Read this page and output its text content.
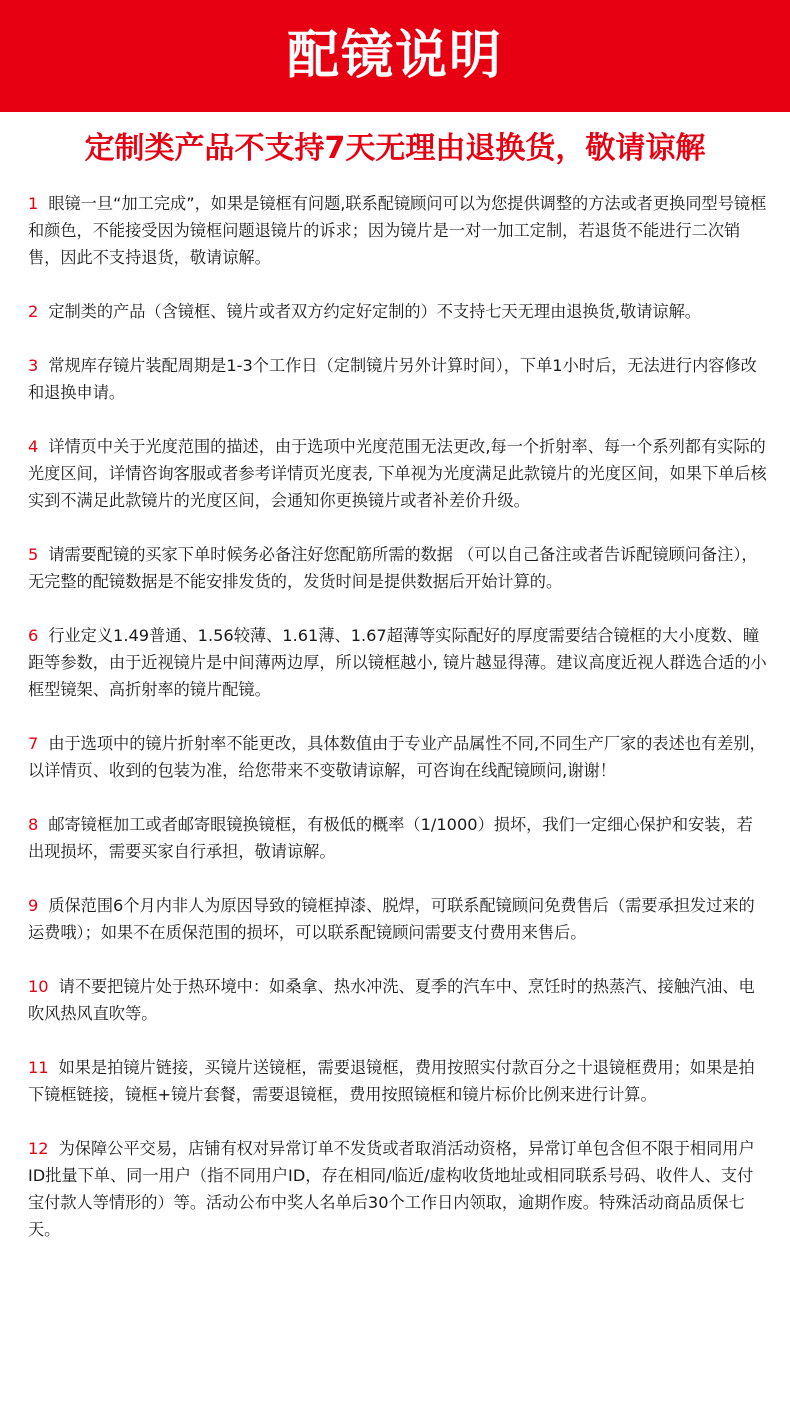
配镜说明
定制类产品不支持7天无理由退换货，敬请谅解
1 眼镜一旦“加工完成”，如果是镜框有问题,联系配镜顾问可以为您提供调整的方法或者更换同型号镜框和颜色，不能接受因为镜框问题退镜片的诉求；因为镜片是一对一加工定制，若退货不能进行二次销售，因此不支持退货，敬请谅解。
2 定制类的产品（含镜框、镜片或者双方约定好定制的）不支持七天无理由退换货,敬请谅解。
3 常规库存镜片装配周期是1-3个工作日（定制镜片另外计算时间），下单1小时后，无法进行内容修改和退换申请。
4 详情页中关于光度范围的描述，由于选项中光度范围无法更改,每一个折射率、每一个系列都有实际的光度区间，详情咨询客服或者参考详情页光度表, 下单视为光度满足此款镜片的光度区间，如果下单后核实到不满足此款镜片的光度区间，会通知你更换镜片或者补差价升级。
5 请需要配镜的买家下单时候务必备注好您配筋所需的数据 （可以自己备注或者告诉配镜顾问备注），无完整的配镜数据是不能安排发货的，发货时间是提供数据后开始计算的。
6 行业定义1.49普通、1.56较薄、1.61薄、1.67超薄等实际配好的厚度需要结合镜框的大小度数、瞳距等参数，由于近视镜片是中间薄两边厚，所以镜框越小, 镜片越显得薄。建议高度近视人群选合适的小框型镜架、高折射率的镜片配镜。
7 由于选项中的镜片折射率不能更改，具体数值由于专业产品属性不同,不同生产厂家的表述也有差别，以详情页、收到的包装为准，给您带来不变敬请谅解，可咨询在线配镜顾问,谢谢！
8 邮寄镜框加工或者邮寄眼镜换镜框，有极低的概率（1/1000）损坏，我们一定细心保护和安装，若出现损坏，需要买家自行承担，敬请谅解。
9 质保范围6个月内非人为原因导致的镜框掉漆、脱焊，可联系配镜顾问免费售后（需要承担发过来的运费哦）；如果不在质保范围的损坏，可以联系配镜顾问需要支付费用来售后。
10 请不要把镜片处于热环境中：如桑拿、热水冲洗、夏季的汽车中、烹饪时的热蒸汽、接触汽油、电吹风热风直吹等。
11 如果是拍镜片链接，买镜片送镜框，需要退镜框，费用按照实付款百分之十退镜框费用；如果是拍下镜框链接，镜框+镜片套餐，需要退镜框，费用按照镜框和镜片标价比例来进行计算。
12 为保障公平交易，店铺有权对异常订单不发货或者取消活动资格，异常订单包含但不限于相同用户ID批量下单、同一用户（指不同用户ID，存在相同/临近/虚构收货地址或相同联系号码、收件人、支付宝付款人等情形的）等。活动公布中奖人名单后30个工作日内领取，逾期作废。特殊活动商品质保七天。
